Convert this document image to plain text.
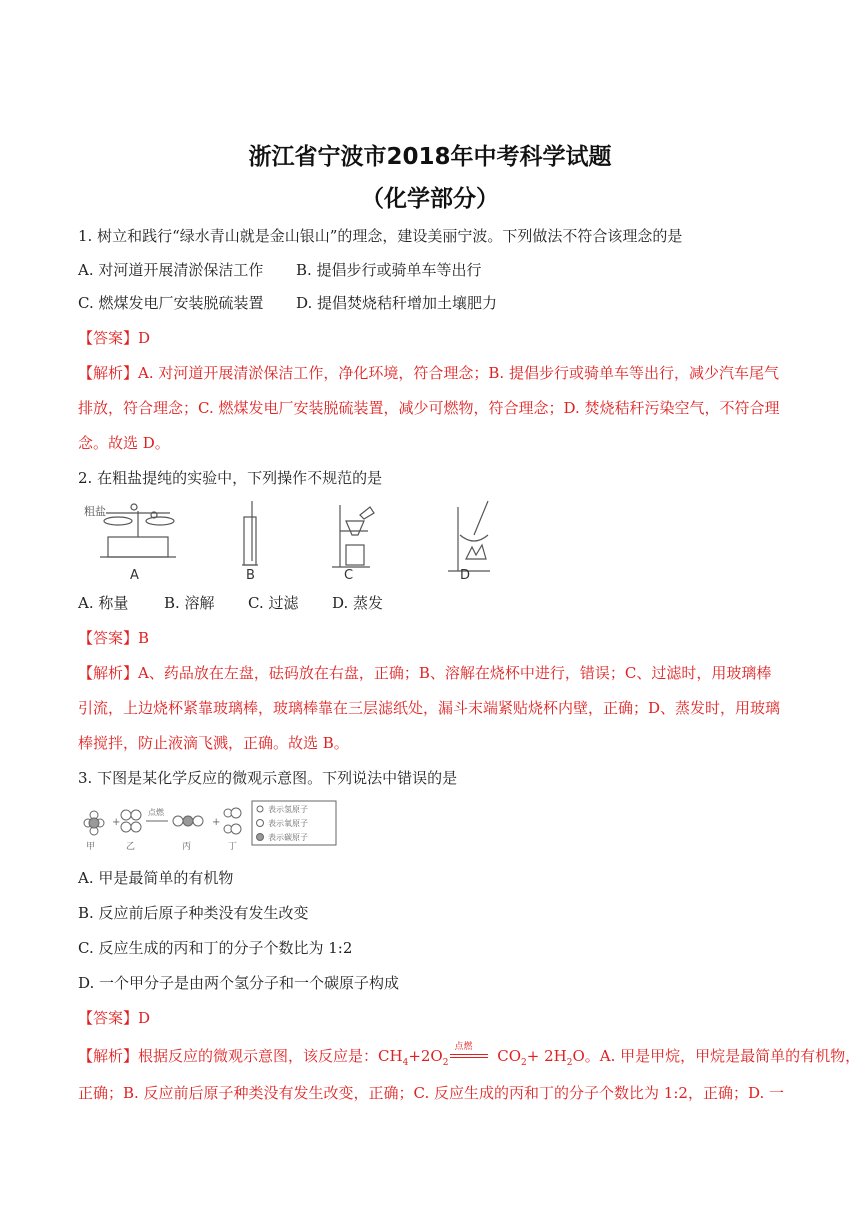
浙江省宁波市2018年中考科学试题
（化学部分）
1. 树立和践行“绿水青山就是金山银山”的理念，建设美丽宁波。下列做法不符合该理念的是
A. 对河道开展清淤保洁工作 B. 提倡步行或骑单车等出行
C. 燃煤发电厂安装脱硫装置 D. 提倡焚烧秸秆增加土壤肥力
【答案】D
【解析】A. 对河道开展清淤保洁工作，净化环境，符合理念；B. 提倡步行或骑单车等出行，减少汽车尾气
排放，符合理念；C. 燃煤发电厂安装脱硫装置，减少可燃物，符合理念；D. 焚烧秸秆污染空气，不符合理
念。故选 D。
2. 在粗盐提纯的实验中，下列操作不规范的是
粗盐
A	B	C	D
A. 称量 B. 溶解 C. 过滤 D. 蒸发
【答案】B
【解析】A、药品放在左盘，砝码放在右盘，正确；B、溶解在烧杯中进行，错误；C、过滤时，用玻璃棒
引流，上边烧杯紧靠玻璃棒，玻璃棒靠在三层滤纸处，漏斗末端紧贴烧杯内壁，正确；D、蒸发时，用玻璃
棒搅拌，防止液滴飞溅，正确。故选 B。
3. 下图是某化学反应的微观示意图。下列说法中错误的是
+	+
点燃	表示氢原子
表示氧原子
表示碳原子
甲	乙	丙	丁
A. 甲是最简单的有机物
B. 反应前后原子种类没有发生改变
C. 反应生成的丙和丁的分子个数比为 1:2
D. 一个甲分子是由两个氢分子和一个碳原子构成
【答案】D
【解析】根据反应的微观示意图，该反应是：$CH_4+2O_2$
点燃 $CO_2+ 2H_2O$。A. 甲是甲烷，甲烷是最简单的有机物，
正确；B. 反应前后原子种类没有发生改变，正确；C. 反应生成的丙和丁的分子个数比为 1:2，正确；D. 一
